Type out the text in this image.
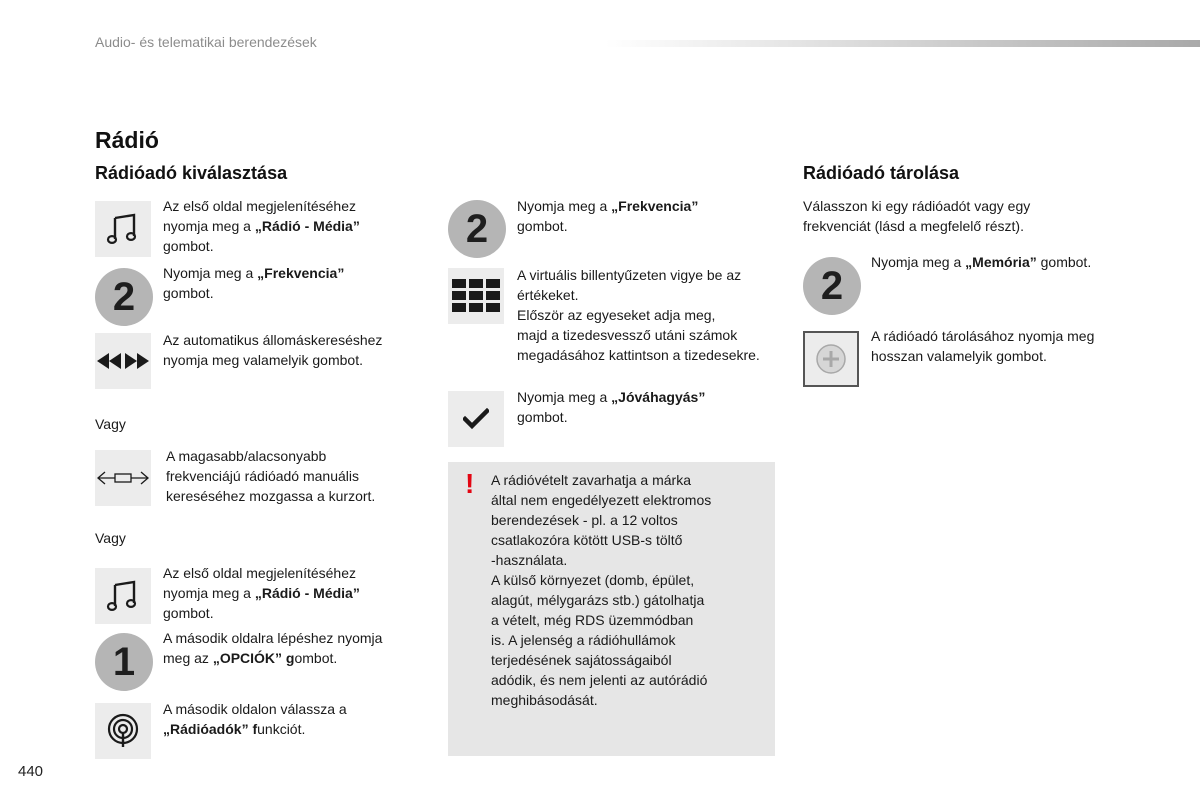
Audio- és telematikai berendezések
Rádió
Rádióadó kiválasztása	Rádióadó tárolása
Az első oldal megjelenítéséhez
nyomja meg a „Rádió - Média”
gombot.
2
Nyomja meg a „Frekvencia”
gombot.
Az automatikus állomáskereséshez
nyomja meg valamelyik gombot.
Vagy
A magasabb/alacsonyabb
frekvenciájú rádióadó manuális
kereséséhez mozgassa a kurzort.
Vagy
Az első oldal megjelenítéséhez
nyomja meg a „Rádió - Média”
gombot.
1
A második oldalra lépéshez nyomja
meg az „OPCIÓK” gombot.
A második oldalon válassza a
„Rádióadók” funkciót.
2
Nyomja meg a „Frekvencia”
gombot.
A virtuális billentyűzeten vigye be az
értékeket.
Először az egyeseket adja meg,
majd a tizedesvessző utáni számok
megadásához kattintson a tizedesekre.
Nyomja meg a „Jóváhagyás”
gombot.
! A rádióvételt zavarhatja a márka

által nem engedélyezett elektromos

berendezések - pl. a 12 voltos

csatlakozóra kötött USB-s töltő

-használata.

A külső környezet (domb, épület,

alagút, mélygarázs stb.) gátolhatja

a vételt, még RDS üzemmódban

is. A jelenség a rádióhullámok

terjedésének sajátosságaiból

adódik, és nem jelenti az autórádió

meghibásodását.

Válasszon ki egy rádióadót vagy egy
frekvenciát (lásd a megfelelő részt).
2
Nyomja meg a „Memória” gombot.
A rádióadó tárolásához nyomja meg
hosszan valamelyik gombot.
440
